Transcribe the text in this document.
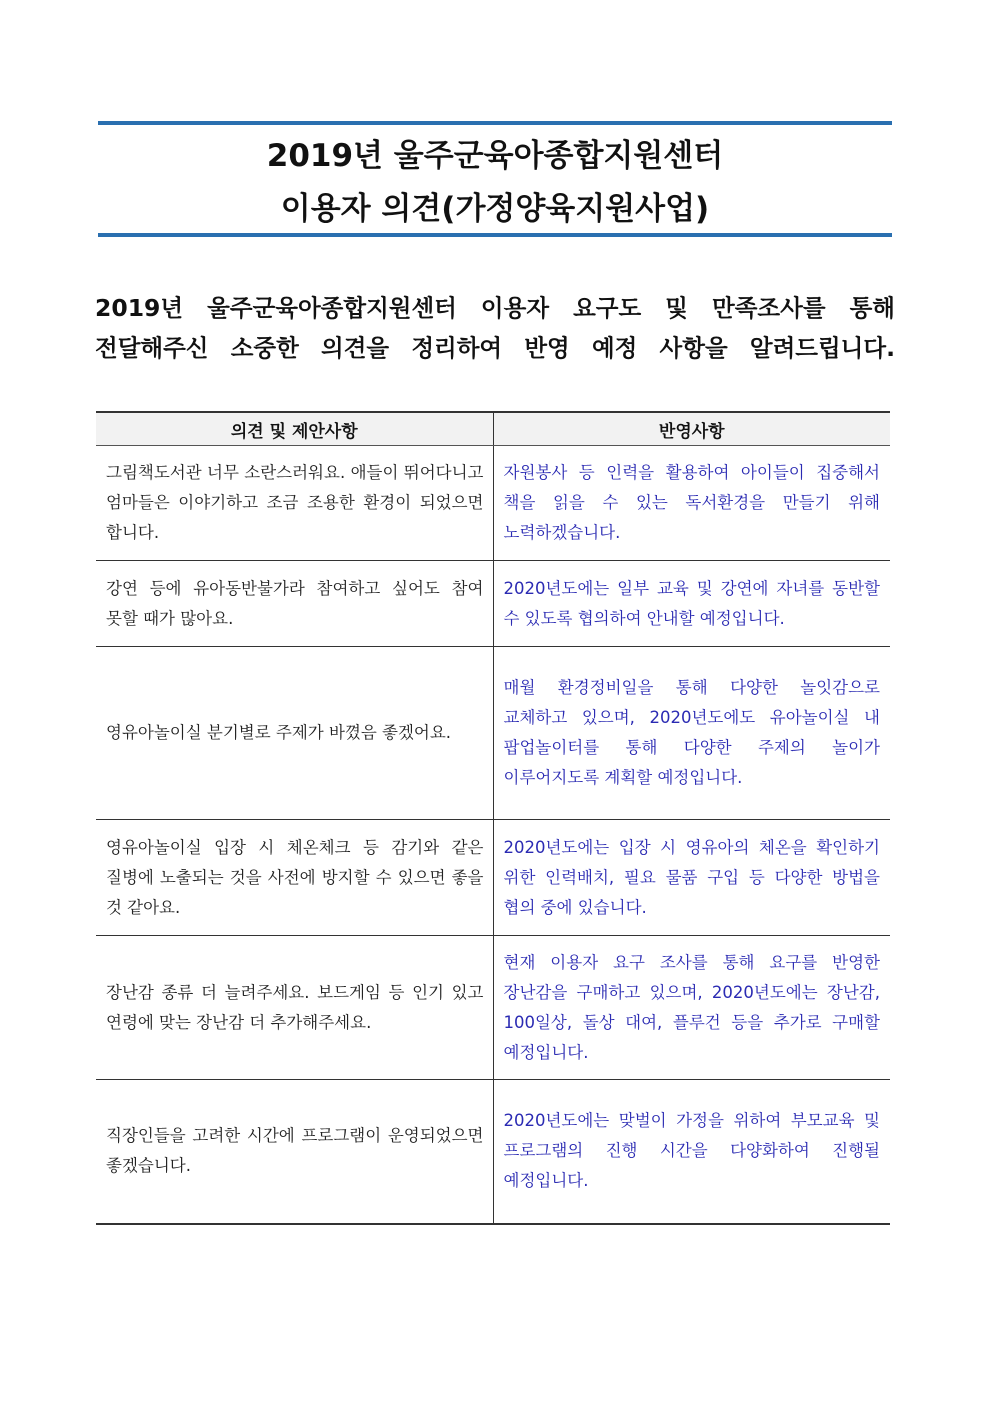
2019년 울주군육아종합지원센터
이용자 의견(가정양육지원사업)
2019년 울주군육아종합지원센터 이용자 요구도 및 만족조사를 통해
전달해주신 소중한 의견을 정리하여 반영 예정 사항을 알려드립니다.
의견 및 제안사항	반영사항
그림책도서관 너무 소란스러워요. 애들이 뛰어다니고 엄마들은 이야기하고 조금 조용한 환경이 되었으면 합니다.	자원봉사 등 인력을 활용하여 아이들이 집중해서 책을 읽을 수 있는 독서환경을 만들기 위해 노력하겠습니다.
강연 등에 유아동반불가라 참여하고 싶어도 참여 못할 때가 많아요.	2020년도에는 일부 교육 및 강연에 자녀를 동반할 수 있도록 협의하여 안내할 예정입니다.
영유아놀이실 분기별로 주제가 바꼈음 좋겠어요.	매월 환경정비일을 통해 다양한 놀잇감으로 교체하고 있으며, 2020년도에도 유아놀이실 내 팝업놀이터를 통해 다양한 주제의 놀이가 이루어지도록 계획할 예정입니다.
영유아놀이실 입장 시 체온체크 등 감기와 같은 질병에 노출되는 것을 사전에 방지할 수 있으면 좋을 것 같아요.	2020년도에는 입장 시 영유아의 체온을 확인하기 위한 인력배치, 필요 물품 구입 등 다양한 방법을 협의 중에 있습니다.
장난감 종류 더 늘려주세요. 보드게임 등 인기 있고 연령에 맞는 장난감 더 추가해주세요.	현재 이용자 요구 조사를 통해 요구를 반영한 장난감을 구매하고 있으며, 2020년도에는 장난감, 100일상, 돌상 대여, 플루건 등을 추가로 구매할 예정입니다.
직장인들을 고려한 시간에 프로그램이 운영되었으면 좋겠습니다.	2020년도에는 맞벌이 가정을 위하여 부모교육 및 프로그램의 진행 시간을 다양화하여 진행될 예정입니다.
